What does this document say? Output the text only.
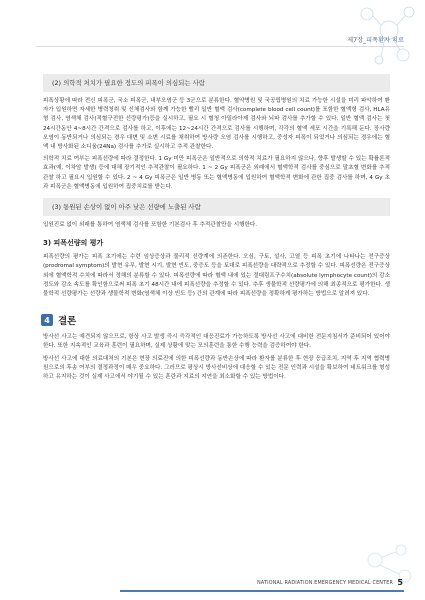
제7장_피폭환자 치료
(2) 의학적 처치가 필요한 정도의 피폭이 의심되는 사람

피폭상황에 따라 전신 피폭군, 국소 피폭군, 내부오염군 등 3군으로 분류한다. 혈약병원 및 국공립병원의 치료 가능한 시설을 미리 파악하여 환자가 입원하면 자세한 병력청취 및 신체검사와 함께 가능한 빨리 일반 혈액 검사(complete blood cell count)를 포함한 혈액형 검사, HLA유형 검사, 염색체 검사(적혈구전한 선량평가)등을 실시하고, 필요 시 혈청 아밀라아제 검사와 뇌파 검사를 추가할 수 있다. 일반 혈액 검사는 첫 24시간동안 4~8시간 간격으로 검사를 하고, 이후에는 12~24시간 간격으로 검사를 시행하며, 각각의 혈액 세포 시간을 기록해 둔다. 장사량 오염이 동반되거나 의심되는 경우 대변 및 소변 시료를 채취하여 방사량 오염 검사를 시행하고, 중성자 피폭이 되었거나 의심되는 경우에는 혈액 내 방사화된 소디움(24Na) 검사를 추가로 실시하고 추적 관찰한다.

의학적 치료 여부는 피폭선량에 따라 결정한다. 1 Gy 미만 피폭군은 일반적으로 의학적 치료가 필요하지 않으나, 향후 발생할 수 있는 확률론적 효과(예, 이차암 발생) 등에 대해 장기적인 추적관찰이 필요하다. 1 ~ 2 Gy 피폭군은 외래에서 혈액학적 검사를 중심으로 말초혈 변화를 추적관찰 하고 필요시 입원할 수 있다. 2 ~ 4 Gy 피폭군은 일반 병동 또는 혈액병동에 입원하여 혈액학적 변화에 관한 집중 검사를 하며, 4 Gy 초과 피폭군은 혈액병동에 입원하여 집중치료를 받는다.

(3) 통원된 손상이 없이 아주 낮은 선량에 노출된 사람

입원진료 없이 외래를 통하여 염색체 검사를 포함한 기본검사 후 추적관찰만을 시행한다.

3) 피폭선량의 평가

피폭선량의 평가는 피폭 초기에는 수련 임상증상과 물리적 선량계에 의존한다. 오심, 구토, 설사, 고열 등 피폭 초기에 나타나는 전구증상(prodromal symptom)의 발현 유무, 발현 시기, 발현 빈도, 중증도 등을 토대로 피폭선량을 대략적으로 추정할 수 있다. 피폭선량은 전구증상 외에 혈액학적 수치에 따라서 정해의 분류할 수 있다. 피폭선량에 따라 혈액 내에 있는 절대림프구수치(absolute lymphocyte count)의 감소 정도와 감소 속도를 확인함으로써 피폭 초기 48시간 내에 피폭선량을 추정할 수 있다. 추후 생물학적 선량평가에 의해 최종적으로 평가한다. 생물학적 선량평가는 선량과 생물학적 변화(염색체 이상 빈도 등) 간의 관계에 따라 피폭선량을 정확하게 평가하는 방법으로 알려져 있다.

4 결론

방사선 사고는 예견되지 않으므로, 항상 사고 발생 즉시 즉각적인 대응진료가 가능하도록 방사선 사고에 대비한 전문지침서가 준비되어 있어야 한다. 또한 지속적인 교육과 훈련이 필요하며, 실제 상황에 맞는 모의훈련을 통한 수행 능력을 검증하여야 한다.

방사선 사고에 대한 의료대처의 기본은 현장 의료진에 의한 피폭선량과 동반손상에 따라 환자를 분류한 후 현장 응급조치, 지역 후 지역 협력병원으로의 후송 여부의 결정과정이 매우 중요하다. 그러므로 평상시 방사선비상에 대응할 수 있는 전문 인력과 시설을 확보하여 네트워크를 형성하고 유지하는 것이 실제 사고에서 야기될 수 있는 혼란과 지료의 지연을 최소화할 수 있는 방법이다.

NATIONAL RADIATION EMERGENCY MEDICAL CENTER 5
